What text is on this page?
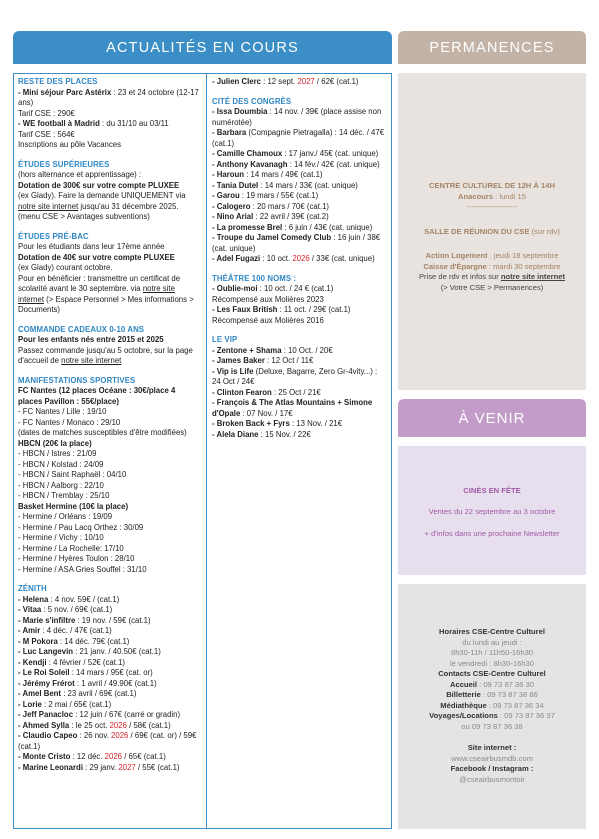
ACTUALITÉS EN COURS	PERMANENCES
RESTE DES PLACES
- Mini séjour Parc Astérix : 23 et 24 octobre (12-17 ans)
Tarif CSE : 290€
- WE football à Madrid : du 31/10 au 03/11
Tarif CSE : 564€
Inscriptions au pôle Vacances
ÉTUDES SUPÉRIEURES
(hors alternance et apprentissage) :
Dotation de 300€ sur votre compte PLUXEE
(ex Glady). Faire la demande UNIQUEMENT via notre site internet jusqu'au 31 décembre 2025. (menu CSE > Avantages subventions)
ÉTUDES PRÉ-BAC
Pour les étudiants dans leur 17ème année
Dotation de 40€ sur votre compte PLUXEE
(ex Glady) courant octobre.
Pour en bénéficier : transmettre un certificat de scolarité avant le 30 septembre. via notre site internet (> Espace Personnel > Mes informations > Documents)
COMMANDE CADEAUX 0-10 ANS
Pour les enfants nés entre 2015 et 2025
Passez commande jusqu'au 5 octobre, sur la page d'accueil de notre site internet
MANIFESTATIONS SPORTIVES
FC Nantes (12 places Océane : 30€/place 4 places Pavillon : 55€/place)
- FC Nantes / Lille : 19/10
- FC Nantes / Monaco : 29/10
(dates de matches susceptibles d'être modifiées)
HBCN (20€ la place)
- HBCN / Istres : 21/09
- HBCN / Kolstad : 24/09
- HBCN / Saint Raphaël : 04/10
- HBCN / Aalborg : 22/10
- HBCN / Tremblay : 25/10
Basket Hermine (10€ la place)
- Hermine / Orléans : 19/09
- Hermine / Pau Lacq Orthez : 30/09
- Hermine / Vichy : 10/10
- Hermine / La Rochelle: 17/10
- Hermine / Hyères Toulon : 28/10
- Hermine / ASA Gries Souffel : 31/10
ZÉNITH
- Helena : 4 nov. 59€ / (cat.1)
- Vitaa : 5 nov. / 69€ (cat.1)
- Marie s'infiltre : 19 nov. / 59€ (cat.1)
- Amir : 4 déc. / 47€ (cat.1)
- M Pokora : 14 déc. 79€ (cat.1)
- Luc Langevin : 21 janv. / 40.50€ (cat.1)
- Kendji : 4 février / 52€ (cat.1)
- Le Roi Soleil : 14 mars / 95€ (cat. or)
- Jérémy Frérot : 1 avril / 49.90€ (cat.1)
- Amel Bent : 23 avril / 69€ (cat.1)
- Lorie : 2 mai / 65€ (cat.1)
- Jeff Panacloc : 12 juin / 67€ (carré or gradin)
- Ahmed Sylla : le 25 oct. 2026 / 58€ (cat.1)
- Claudio Capeo : 26 nov. 2026 / 69€ (cat. or) / 59€ (cat.1)
- Monte Cristo : 12 déc. 2026 / 65€ (cat.1)
- Marine Leonardi : 29 janv. 2027 / 55€ (cat.1)
- Julien Clerc : 12 sept. 2027 / 62€ (cat.1)
CITÉ DES CONGRÈS
- Issa Doumbia : 14 nov. / 39€ (place assise non numérotée)
- Barbara (Compagnie Pietragalla) : 14 déc. / 47€ (cat.1)
- Camille Chamoux : 17 janv./ 45€ (cat. unique)
- Anthony Kavanagh : 14 fév./ 42€ (cat. unique)
- Haroun : 14 mars / 49€ (cat.1)
- Tania Dutel : 14 mars / 33€ (cat. unique)
- Garou : 19 mars / 55€ (cat.1)
- Calogero : 20 mars / 70€ (cat.1)
- Nino Arial : 22 avril / 39€ (cat.2)
- La promesse Brel : 6 juin / 43€ (cat. unique)
- Troupe du Jamel Comedy Club : 16 juin / 38€ (cat. unique)
- Adel Fugazi : 10 oct. 2026 / 33€ (cat. unique)
THÉÂTRE 100 NOMS :
- Oublie-moi : 10 oct. / 24 € (cat.1)
Récompensé aux Molières 2023
- Les Faux British : 11 oct. / 29€ (cat.1)
Récompensé aux Molières 2016
LE VIP
- Zentone + Shama : 10 Oct. / 20€
- James Baker : 12 Oct / 11€
- Vip is Life (Deluxe, Bagarre, Zero Gr-4vity...) : 24 Oct / 24€
- Clinton Fearon : 25 Oct / 21€
- François & The Atlas Mountains + Simone d'Opale : 07 Nov. / 17€
- Broken Back + Fyrs : 13 Nov. / 21€
- Alela Diane : 15 Nov. / 22€
CENTRE CULTUREL DE 12H À 14H
Anacours : lundi 15
--------------------
SALLE DE RÉUNION DU CSE (sur rdv)
Action Logement : jeudi 18 septembre
Caisse d'Épargne : mardi 30 septembre
Prise de rdv et infos sur notre site internet
(> Votre CSE > Permanences)
À VENIR
CINÉS EN FÊTE
Ventes du 22 septembre au 3 octobre
+ d'infos dans une prochaine Newsletter
Horaires CSE-Centre Culturel
du lundi au jeudi :
8h30-11h / 11h50-16h30
le vendredi : 8h30-16h30
Contacts CSE-Centre Culturel
Accueil : 09 73 87 36 30
Billetterie : 09 73 87 38 86
Médiathèque : 09 73 87 36 34
Voyages/Locations : 09 73 87 36 37
ou 09 73 87 36 38
Site internet :
www.cseairbusmdb.com
Facebook / Instagram :
@cseairbusmontoir
